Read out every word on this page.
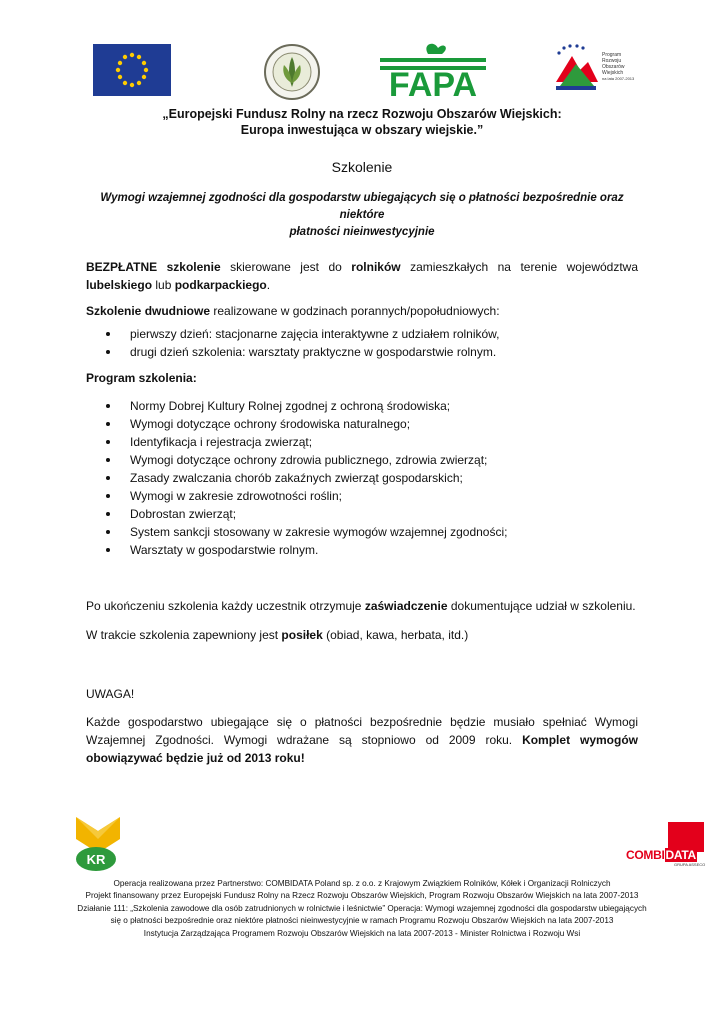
FAPA
Program
Rozwoju
Obszarów
Wiejskich
na lata 2007-2013
„Europejski Fundusz Rolny na rzecz Rozwoju Obszarów Wiejskich:
Europa inwestująca w obszary wiejskie.”
Szkolenie
Wymogi wzajemnej zgodności dla gospodarstw ubiegających się o płatności bezpośrednie oraz niektóre
płatności nieinwestycyjnie
BEZPŁATNE szkolenie skierowane jest do rolników zamieszkałych na terenie województwa lubelskiego lub podkarpackiego.
Szkolenie dwudniowe realizowane w godzinach porannych/popołudniowych:
pierwszy dzień: stacjonarne zajęcia interaktywne z udziałem rolników,
drugi dzień szkolenia: warsztaty praktyczne w gospodarstwie rolnym.
Program szkolenia:
Normy Dobrej Kultury Rolnej zgodnej z ochroną środowiska;
Wymogi dotyczące ochrony środowiska naturalnego;
Identyfikacja i rejestracja zwierząt;
Wymogi dotyczące ochrony zdrowia publicznego, zdrowia zwierząt;
Zasady zwalczania chorób zakaźnych zwierząt gospodarskich;
Wymogi w zakresie zdrowotności roślin;
Dobrostan zwierząt;
System sankcji stosowany w zakresie wymogów wzajemnej zgodności;
Warsztaty w gospodarstwie rolnym.
Po ukończeniu szkolenia każdy uczestnik otrzymuje zaświadczenie dokumentujące udział w szkoleniu.
W trakcie szkolenia zapewniony jest posiłek (obiad, kawa, herbata, itd.)
UWAGA!
Każde gospodarstwo ubiegające się o płatności bezpośrednie będzie musiało spełniać Wymogi Wzajemnej Zgodności. Wymogi wdrażane są stopniowo od 2009 roku. Komplet wymogów obowiązywać będzie już od 2013 roku!
KR	COMBIDATA
GRUPA ASSECO
Operacja realizowana przez Partnerstwo: COMBIDATA Poland sp. z o.o. z Krajowym Związkiem Rolników, Kółek i Organizacji Rolniczych
Projekt finansowany przez Europejski Fundusz Rolny na Rzecz Rozwoju Obszarów Wiejskich, Program Rozwoju Obszarów Wiejskich na lata 2007-2013
Działanie 111: „Szkolenia zawodowe dla osób zatrudnionych w rolnictwie i leśnictwie” Operacja: Wymogi wzajemnej zgodności dla gospodarstw ubiegających
się o płatności bezpośrednie oraz niektóre płatności nieinwestycyjnie w ramach Programu Rozwoju Obszarów Wiejskich na lata 2007-2013
Instytucja Zarządzająca Programem Rozwoju Obszarów Wiejskich na lata 2007-2013 - Minister Rolnictwa i Rozwoju Wsi
